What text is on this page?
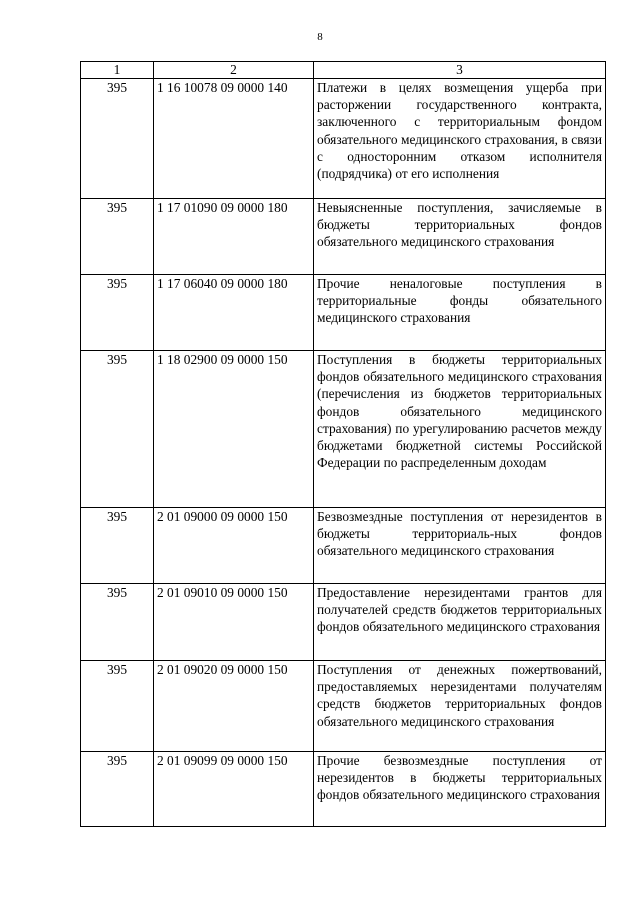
8
1	2	3
395	1 16 10078 09 0000 140	Платежи в целях возмещения ущерба при расторжении государственного контракта, заключенного с территориальным фондом обязательного медицинского страхования, в связи с односторонним отказом исполнителя (подрядчика) от его исполнения
395	1 17 01090 09 0000 180	Невыясненные поступления, зачисляемые в бюджеты территориальных фондов обязательного медицинского страхования
395	1 17 06040 09 0000 180	Прочие неналоговые поступления в территориальные фонды обязательного медицинского страхования
395	1 18 02900 09 0000 150	Поступления в бюджеты территориальных фондов обязательного медицинского страхования (перечисления из бюджетов территориальных фондов обязательного медицинского страхования) по урегулированию расчетов между бюджетами бюджетной системы Российской Федерации по распределенным доходам
395	2 01 09000 09 0000 150	Безвозмездные поступления от нерезидентов в бюджеты территориаль-ных фондов обязательного медицинского страхования
395	2 01 09010 09 0000 150	Предоставление нерезидентами грантов для получателей средств бюджетов территориальных фондов обязательного медицинского страхования
395	2 01 09020 09 0000 150	Поступления от денежных пожертвований, предоставляемых нерезидентами получателям средств бюджетов территориальных фондов обязательного медицинского страхования
395	2 01 09099 09 0000 150	Прочие безвозмездные поступления от нерезидентов в бюджеты территориальных фондов обязательного медицинского страхования
